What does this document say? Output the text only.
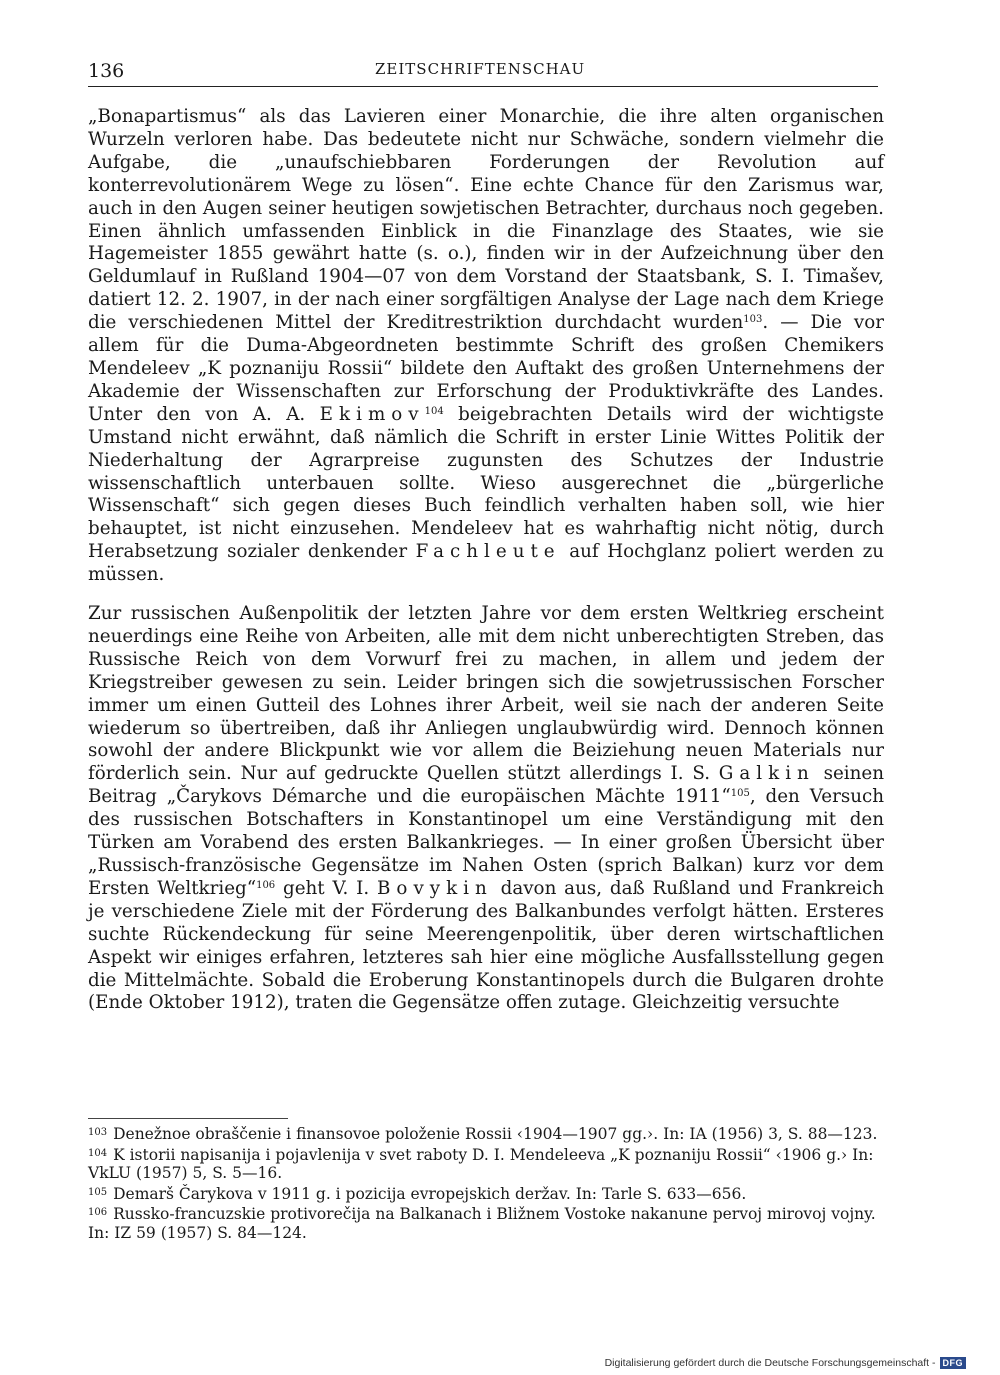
136	ZEITSCHRIFTENSCHAU

„Bonapartismus“ als das Lavieren einer Monarchie, die ihre alten organischen Wurzeln verloren habe. Das bedeutete nicht nur Schwäche, sondern vielmehr die Aufgabe, die „unaufschiebbaren Forderungen der Revolution auf konterrevolutionärem Wege zu lösen“. Eine echte Chance für den Zarismus war, auch in den Augen seiner heutigen sowjetischen Betrachter, durchaus noch gegeben. Einen ähnlich umfassenden Einblick in die Finanzlage des Staates, wie sie Hagemeister 1855 gewährt hatte (s. o.), finden wir in der Aufzeichnung über den Geldumlauf in Rußland 1904—07 von dem Vorstand der Staatsbank, S. I. Timašev, datiert 12. 2. 1907, in der nach einer sorgfältigen Analyse der Lage nach dem Kriege die verschiedenen Mittel der Kreditrestriktion durchdacht wurden$^{103}$. — Die vor allem für die Duma-Abgeordneten bestimmte Schrift des großen Chemikers Mendeleev „K poznaniju Rossii“ bildete den Auftakt des großen Unternehmens der Akademie der Wissenschaften zur Erforschung der Produktivkräfte des Landes. Unter den von A. A. Ekimov$^{104}$ beigebrachten Details wird der wichtigste Umstand nicht erwähnt, daß nämlich die Schrift in erster Linie Wittes Politik der Niederhaltung der Agrarpreise zugunsten des Schutzes der Industrie wissenschaftlich unterbauen sollte. Wieso ausgerechnet die „bürgerliche Wissenschaft“ sich gegen dieses Buch feindlich verhalten haben soll, wie hier behauptet, ist nicht einzusehen. Mendeleev hat es wahrhaftig nicht nötig, durch Herabsetzung sozialer denkender Fachleute auf Hochglanz poliert werden zu müssen.

Zur russischen Außenpolitik der letzten Jahre vor dem ersten Weltkrieg erscheint neuerdings eine Reihe von Arbeiten, alle mit dem nicht unberechtigten Streben, das Russische Reich von dem Vorwurf frei zu machen, in allem und jedem der Kriegstreiber gewesen zu sein. Leider bringen sich die sowjetrussischen Forscher immer um einen Gutteil des Lohnes ihrer Arbeit, weil sie nach der anderen Seite wiederum so übertreiben, daß ihr Anliegen unglaubwürdig wird. Dennoch können sowohl der andere Blickpunkt wie vor allem die Beiziehung neuen Materials nur förderlich sein. Nur auf gedruckte Quellen stützt allerdings I. S. Galkin seinen Beitrag „Čarykovs Démarche und die europäischen Mächte 1911“$^{105}$, den Versuch des russischen Botschafters in Konstantinopel um eine Verständigung mit den Türken am Vorabend des ersten Balkankrieges. — In einer großen Übersicht über „Russisch-französische Gegensätze im Nahen Osten (sprich Balkan) kurz vor dem Ersten Weltkrieg“$^{106}$ geht V. I. Bovykin davon aus, daß Rußland und Frankreich je verschiedene Ziele mit der Förderung des Balkanbundes verfolgt hätten. Ersteres suchte Rückendeckung für seine Meerengenpolitik, über deren wirtschaftlichen Aspekt wir einiges erfahren, letzteres sah hier eine mögliche Ausfallsstellung gegen die Mittelmächte. Sobald die Eroberung Konstantinopels durch die Bulgaren drohte (Ende Oktober 1912), traten die Gegensätze offen zutage. Gleichzeitig versuchte

$^{103}$ Denežnoe obraščenie i finansovoe položenie Rossii ‹1904—1907 gg.›. In: IA (1956) 3, S. 88—123.

$^{104}$ K istorii napisanija i pojavlenija v svet raboty D. I. Mendeleeva „K poznaniju Rossii“ ‹1906 g.› In: VkLU (1957) 5, S. 5—16.

$^{105}$ Demarš Čarykova v 1911 g. i pozicija evropejskich deržav. In: Tarle S. 633—656.

$^{106}$ Russko-francuzskie protivorečija na Balkanach i Bližnem Vostoke nakanune pervoj mirovoj vojny. In: IZ 59 (1957) S. 84—124.

Digitalisierung gefördert durch die Deutsche Forschungsgemeinschaft - DFG
